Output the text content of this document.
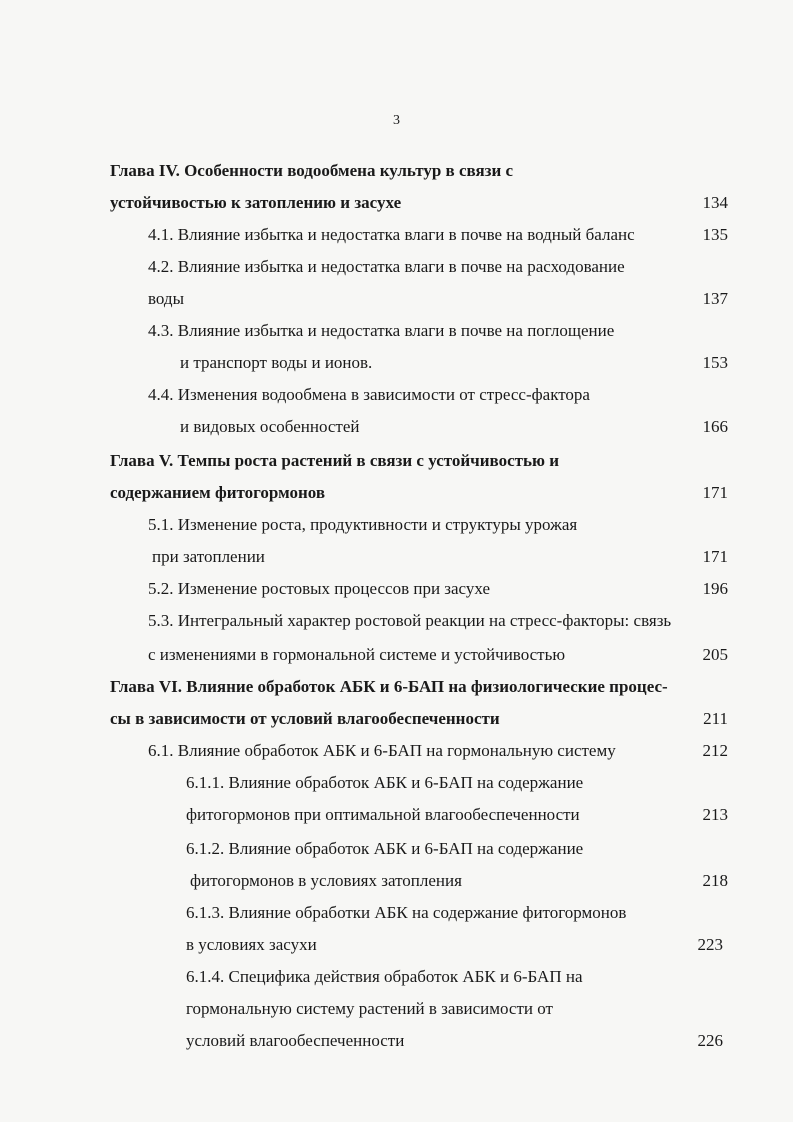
3
Глава IV. Особенности водообмена культур в связи с
устойчивостью к затоплению и засухе	134
4.1. Влияние избытка и недостатка влаги в почве на водный баланс	135
4.2. Влияние избытка и недостатка влаги в почве на расходование
воды	137
4.3. Влияние избытка и недостатка влаги в почве на поглощение
и транспорт воды и ионов.	153
4.4. Изменения водообмена в зависимости от стресс-фактора
и видовых особенностей	166
Глава V. Темпы роста растений в связи с устойчивостью и
содержанием фитогормонов	171
5.1. Изменение роста, продуктивности и структуры урожая
при затоплении	171
5.2. Изменение ростовых процессов при засухе	196
5.3. Интегральный характер ростовой реакции на стресс-факторы: связь
с изменениями в гормональной системе и устойчивостью	205
Глава VI. Влияние обработок АБК и 6-БАП на физиологические процес-
сы в зависимости от условий влагообеспеченности	211
6.1. Влияние обработок АБК и 6-БАП на гормональную систему	212
6.1.1. Влияние обработок АБК и 6-БАП на содержание
фитогормонов при оптимальной влагообеспеченности	213
6.1.2. Влияние обработок АБК и 6-БАП на содержание
фитогормонов в условиях затопления	218
6.1.3. Влияние обработки АБК на содержание фитогормонов
в условиях засухи	223
6.1.4. Специфика действия обработок АБК и 6-БАП на
гормональную систему растений в зависимости от
условий влагообеспеченности	226
